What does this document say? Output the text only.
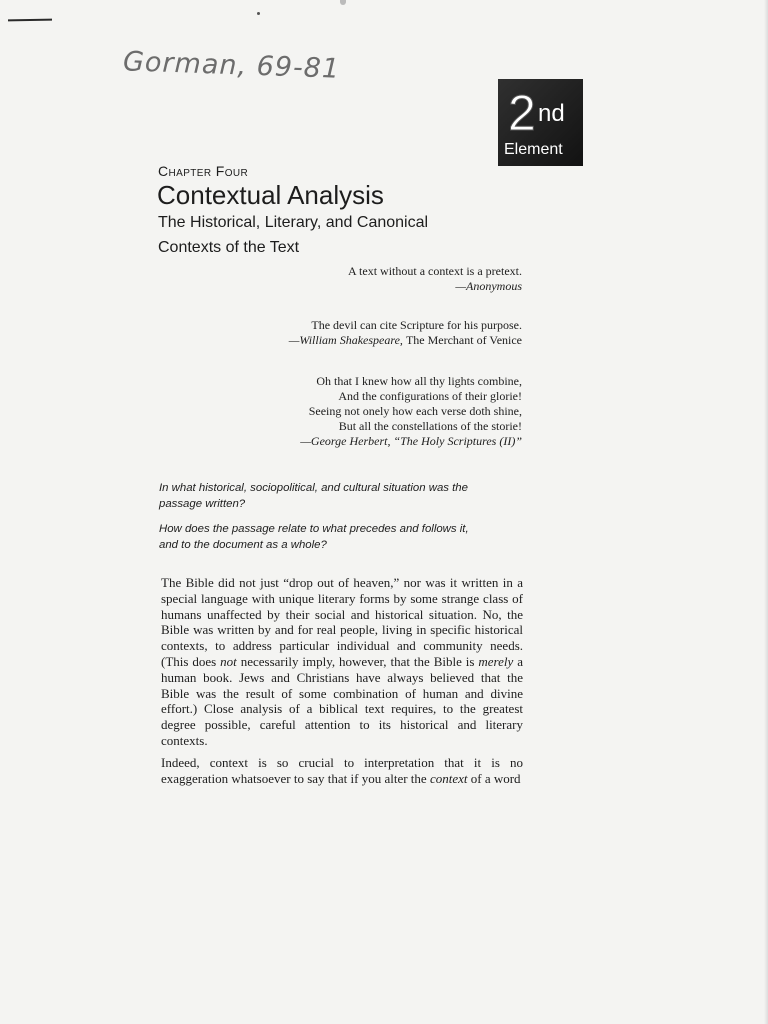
Gorman, 69-81
2 nd
Element
Chapter Four
Contextual Analysis
The Historical, Literary, and Canonical Contexts of the Text
A text without a context is a pretext.
—Anonymous
The devil can cite Scripture for his purpose.
—William Shakespeare, The Merchant of Venice
Oh that I knew how all thy lights combine,
And the configurations of their glorie!
Seeing not onely how each verse doth shine,
But all the constellations of the storie!
—George Herbert, “The Holy Scriptures (II)”

In what historical, sociopolitical, and cultural situation was the passage written?

How does the passage relate to what precedes and follows it, and to the document as a whole?

The Bible did not just “drop out of heaven,” nor was it written in a special language with unique literary forms by some strange class of humans unaffected by their social and historical situation. No, the Bible was written by and for real people, living in specific historical contexts, to address particular individual and community needs. (This does not necessarily imply, however, that the Bible is merely a human book. Jews and Christians have always believed that the Bible was the result of some combination of human and divine effort.) Close analysis of a biblical text requires, to the greatest degree possible, careful attention to its historical and literary contexts.

Indeed, context is so crucial to interpretation that it is no exaggeration whatsoever to say that if you alter the context of a word
